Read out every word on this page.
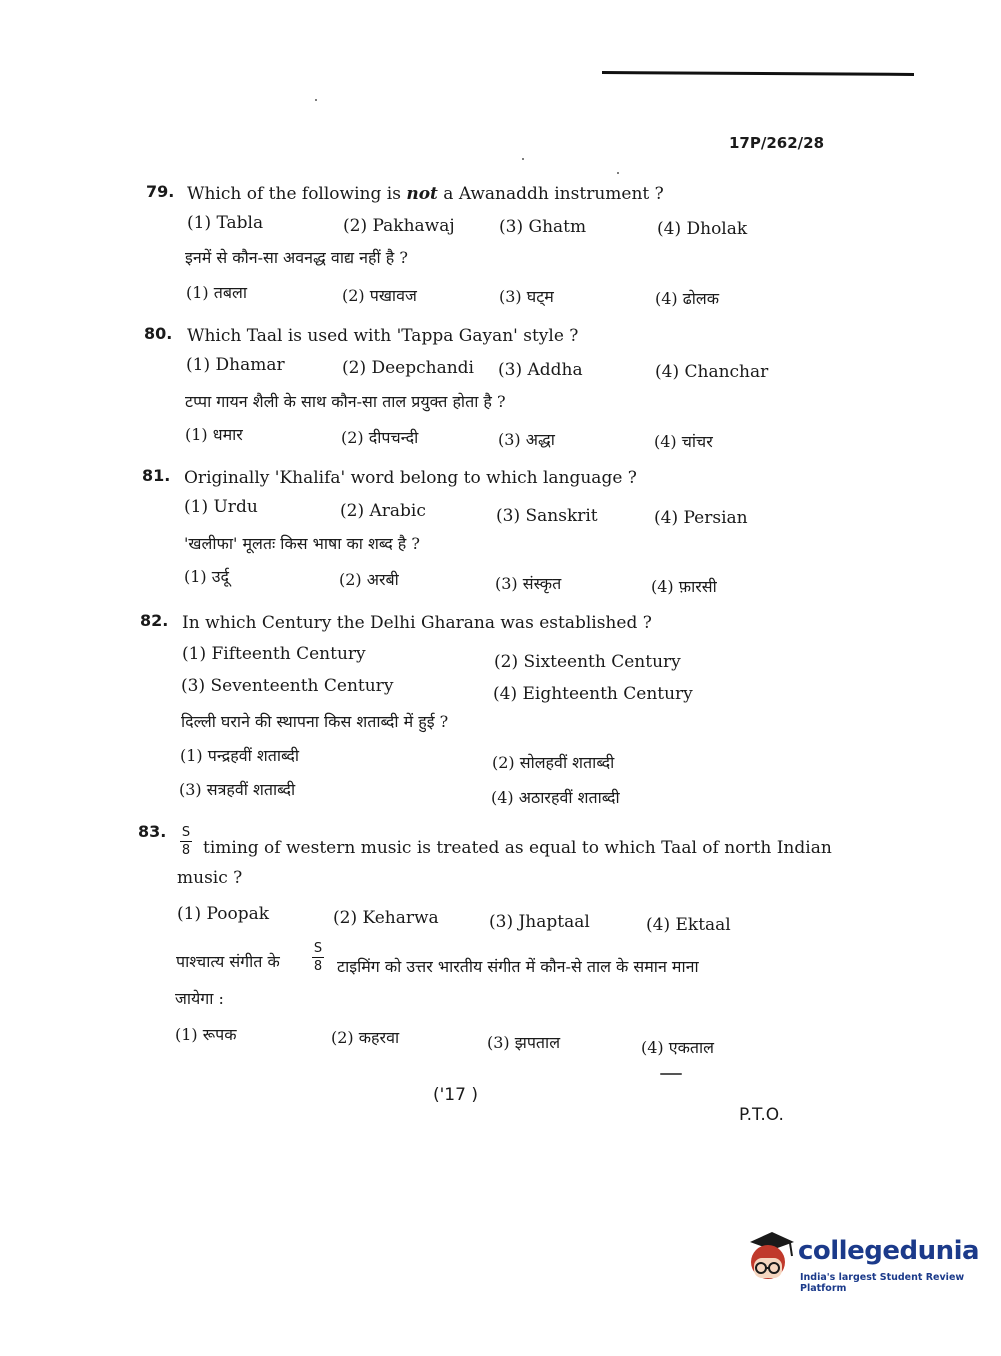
17P/262/28
79. Which of the following is not a Awanaddh instrument ?
(1) Tabla	(2) Pakhawaj	(3) Ghatm	(4) Dholak
इनमें से कौन-सा अवनद्ध वाद्य नहीं है ?
(1) तबला	(2) पखावज	(3) घट्म	(4) ढोलक
80. Which Taal is used with 'Tappa Gayan' style ?
(1) Dhamar	(2) Deepchandi (3) Addha	(4) Chanchar
टप्पा गायन शैली के साथ कौन-सा ताल प्रयुक्त होता है ?
(1) धमार	(2) दीपचन्दी	(3) अद्धा	(4) चांचर
81. Originally 'Khalifa' word belong to which language ?
(1) Urdu	(2) Arabic	(3) Sanskrit	(4) Persian
'खलीफा' मूलतः किस भाषा का शब्द है ?
(1) उर्दू	(2) अरबी	(3) संस्कृत	(4) फ़ारसी
82. In which Century the Delhi Gharana was established ?
(1) Fifteenth Century	(2) Sixteenth Century
(3) Seventeenth Century	(4) Eighteenth Century
दिल्ली घराने की स्थापना किस शताब्दी में हुई ?
(1) पन्द्रहवीं शताब्दी	(2) सोलहवीं शताब्दी
(3) सत्रहवीं शताब्दी	(4) अठारहवीं शताब्दी
83. S
8 timing of western music is treated as equal to which Taal of north Indian
music ?
(1) Poopak	(2) Keharwa	(3) Jhaptaal	(4) Ektaal
पाश्चात्य संगीत के
S
8 टाइमिंग को उत्तर भारतीय संगीत में कौन-से ताल के समान माना
जायेगा :
(1) रूपक	(2) कहरवा	(3) झपताल	(4) एकताल
('17 )
P.T.O.
collegedunia
India's largest Student Review Platform
